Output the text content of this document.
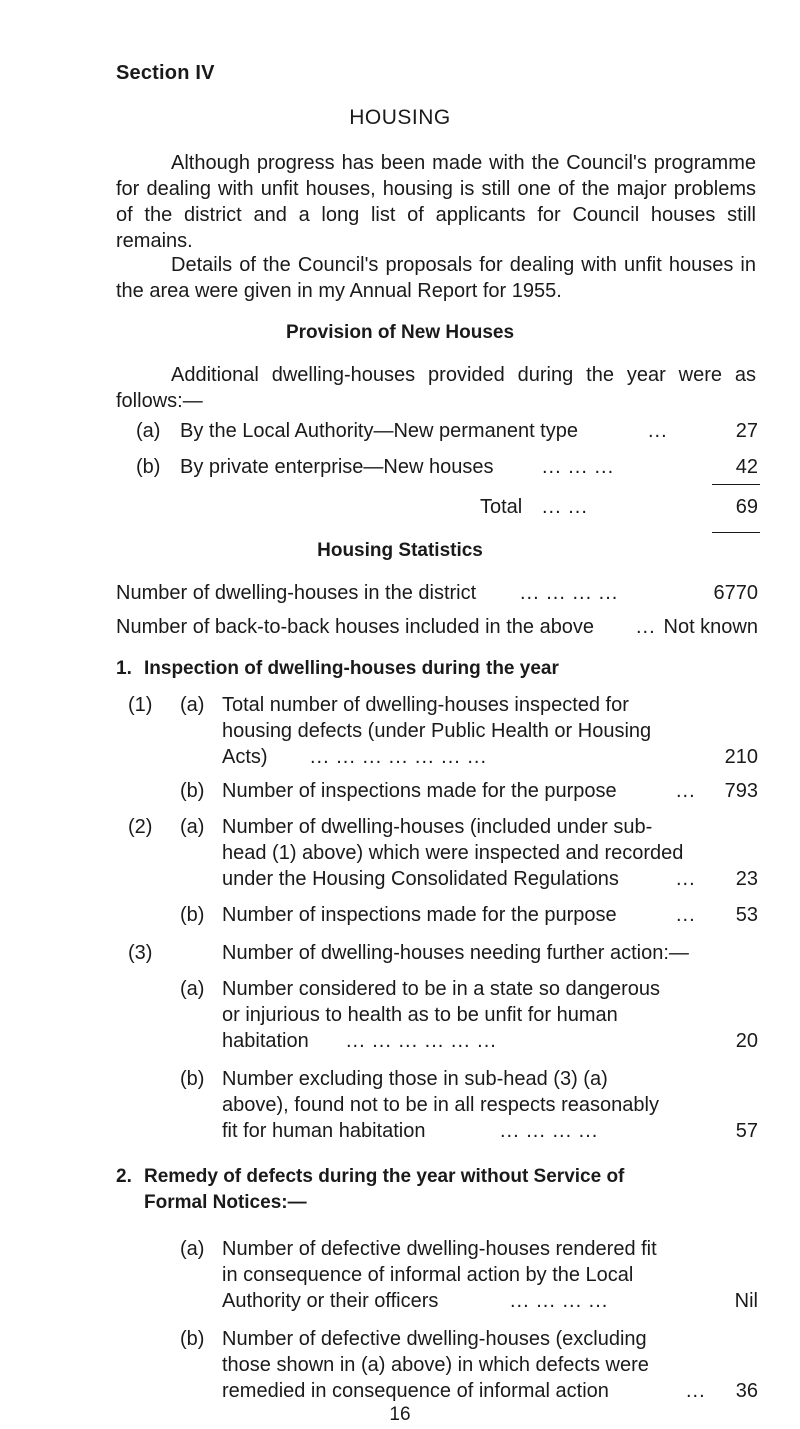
Section IV
HOUSING
Although progress has been made with the Council's programme for dealing with unfit houses, housing is still one of the major problems of the district and a long list of applicants for Council houses still remains.
Details of the Council's proposals for dealing with unfit houses in the area were given in my Annual Report for 1955.
Provision of New Houses
Additional dwelling-houses provided during the year were as follows:—
(a) By the Local Authority—New permanent type	...	27
(b) By private enterprise—New houses ... ... ...	42
Total ... ...	69
Housing Statistics
Number of dwelling-houses in the district ... ... ... ...	6770
Number of back-to-back houses included in the above ... Not known
1. Inspection of dwelling-houses during the year
(1) (a) Total number of dwelling-houses inspected for
housing defects (under Public Health or Housing
Acts) ... ... ... ... ... ... ...	210
(b) Number of inspections made for the purpose	... 793
(2) (a) Number of dwelling-houses (included under sub-
head (1) above) which were inspected and recorded
under the Housing Consolidated Regulations	... 23
(b) Number of inspections made for the purpose	... 53
(3)	Number of dwelling-houses needing further action:—
(a) Number considered to be in a state so dangerous
or injurious to health as to be unfit for human
habitation ... ... ... ... ... ...	20
(b) Number excluding those in sub-head (3) (a)
above), found not to be in all respects reasonably
fit for human habitation	... ... ... ...	57
2. Remedy of defects during the year without Service of
Formal Notices:—
(a) Number of defective dwelling-houses rendered fit
in consequence of informal action by the Local
Authority or their officers	... ... ... ...	Nil
(b) Number of defective dwelling-houses (excluding
those shown in (a) above) in which defects were
remedied in consequence of informal action	... 36
16
